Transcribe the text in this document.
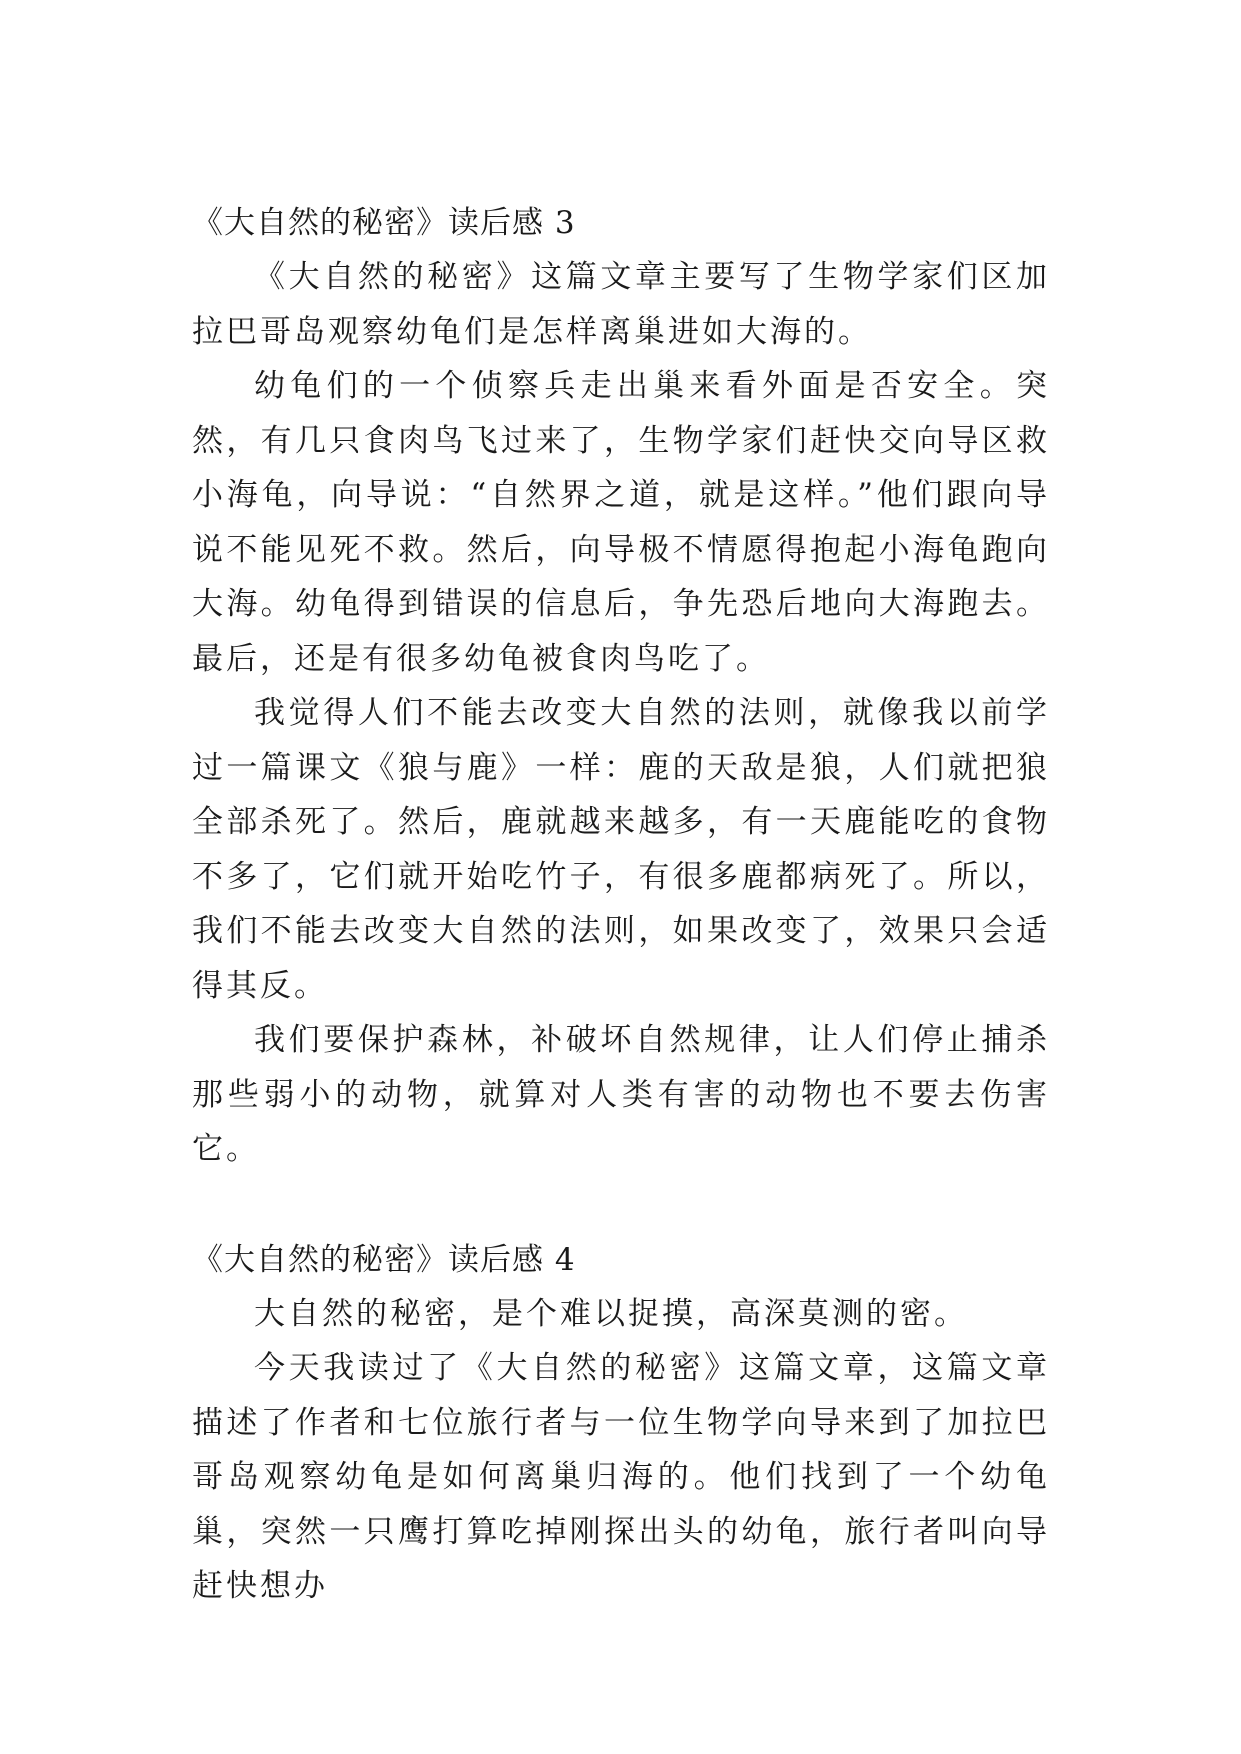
《大自然的秘密》读后感 3

《大自然的秘密》这篇文章主要写了生物学家们区加拉巴哥岛观察幼龟们是怎样离巢进如大海的。

幼龟们的一个侦察兵走出巢来看外面是否安全。突然，有几只食肉鸟飞过来了，生物学家们赶快交向导区救小海龟，向导说：“自然界之道，就是这样。”他们跟向导说不能见死不救。然后，向导极不情愿得抱起小海龟跑向大海。幼龟得到错误的信息后，争先恐后地向大海跑去。最后，还是有很多幼龟被食肉鸟吃了。

我觉得人们不能去改变大自然的法则，就像我以前学过一篇课文《狼与鹿》一样：鹿的天敌是狼，人们就把狼全部杀死了。然后，鹿就越来越多，有一天鹿能吃的食物不多了，它们就开始吃竹子，有很多鹿都病死了。所以，我们不能去改变大自然的法则，如果改变了，效果只会适得其反。

我们要保护森林，补破坏自然规律，让人们停止捕杀那些弱小的动物，就算对人类有害的动物也不要去伤害它。

《大自然的秘密》读后感 4

大自然的秘密，是个难以捉摸，高深莫测的密。

今天我读过了《大自然的秘密》这篇文章，这篇文章描述了作者和七位旅行者与一位生物学向导来到了加拉巴哥岛观察幼龟是如何离巢归海的。他们找到了一个幼龟巢，突然一只鹰打算吃掉刚探出头的幼龟，旅行者叫向导赶快想办
